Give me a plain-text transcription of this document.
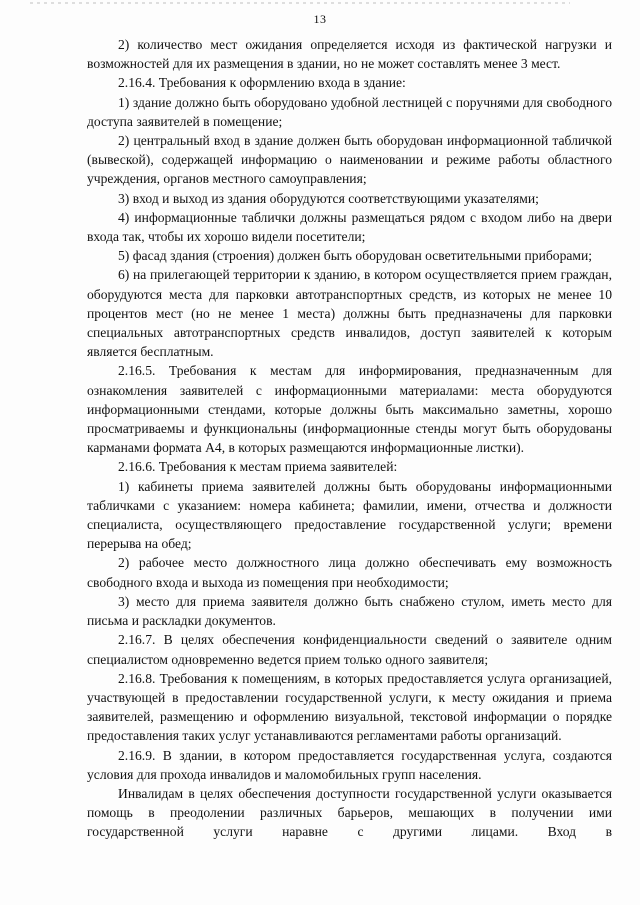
13

2) количество мест ожидания определяется исходя из фактической нагрузки и возможностей для их размещения в здании, но не может составлять менее 3 мест.

2.16.4. Требования к оформлению входа в здание:

1) здание должно быть оборудовано удобной лестницей с поручнями для свободного доступа заявителей в помещение;

2) центральный вход в здание должен быть оборудован информационной табличкой (вывеской), содержащей информацию о наименовании и режиме работы областного учреждения, органов местного самоуправления;

3) вход и выход из здания оборудуются соответствующими указателями;

4) информационные таблички должны размещаться рядом с входом либо на двери входа так, чтобы их хорошо видели посетители;

5) фасад здания (строения) должен быть оборудован осветительными приборами;

6) на прилегающей территории к зданию, в котором осуществляется прием граждан, оборудуются места для парковки автотранспортных средств, из которых не менее 10 процентов мест (но не менее 1 места) должны быть предназначены для парковки специальных автотранспортных средств инвалидов, доступ заявителей к которым является бесплатным.

2.16.5. Требования к местам для информирования, предназначенным для ознакомления заявителей с информационными материалами: места оборудуются информационными стендами, которые должны быть максимально заметны, хорошо просматриваемы и функциональны (информационные стенды могут быть оборудованы карманами формата А4, в которых размещаются информационные листки).

2.16.6. Требования к местам приема заявителей:

1) кабинеты приема заявителей должны быть оборудованы информационными табличками с указанием: номера кабинета; фамилии, имени, отчества и должности специалиста, осуществляющего предоставление государственной услуги; времени перерыва на обед;

2) рабочее место должностного лица должно обеспечивать ему возможность свободного входа и выхода из помещения при необходимости;

3) место для приема заявителя должно быть снабжено стулом, иметь место для письма и раскладки документов.

2.16.7. В целях обеспечения конфиденциальности сведений о заявителе одним специалистом одновременно ведется прием только одного заявителя;

2.16.8. Требования к помещениям, в которых предоставляется услуга организацией, участвующей в предоставлении государственной услуги, к месту ожидания и приема заявителей, размещению и оформлению визуальной, текстовой информации о порядке предоставления таких услуг устанавливаются регламентами работы организаций.

2.16.9. В здании, в котором предоставляется государственная услуга, создаются условия для прохода инвалидов и маломобильных групп населения.

Инвалидам в целях обеспечения доступности государственной услуги оказывается помощь в преодолении различных барьеров, мешающих в получении ими государственной услуги наравне с другими лицами. Вход в
